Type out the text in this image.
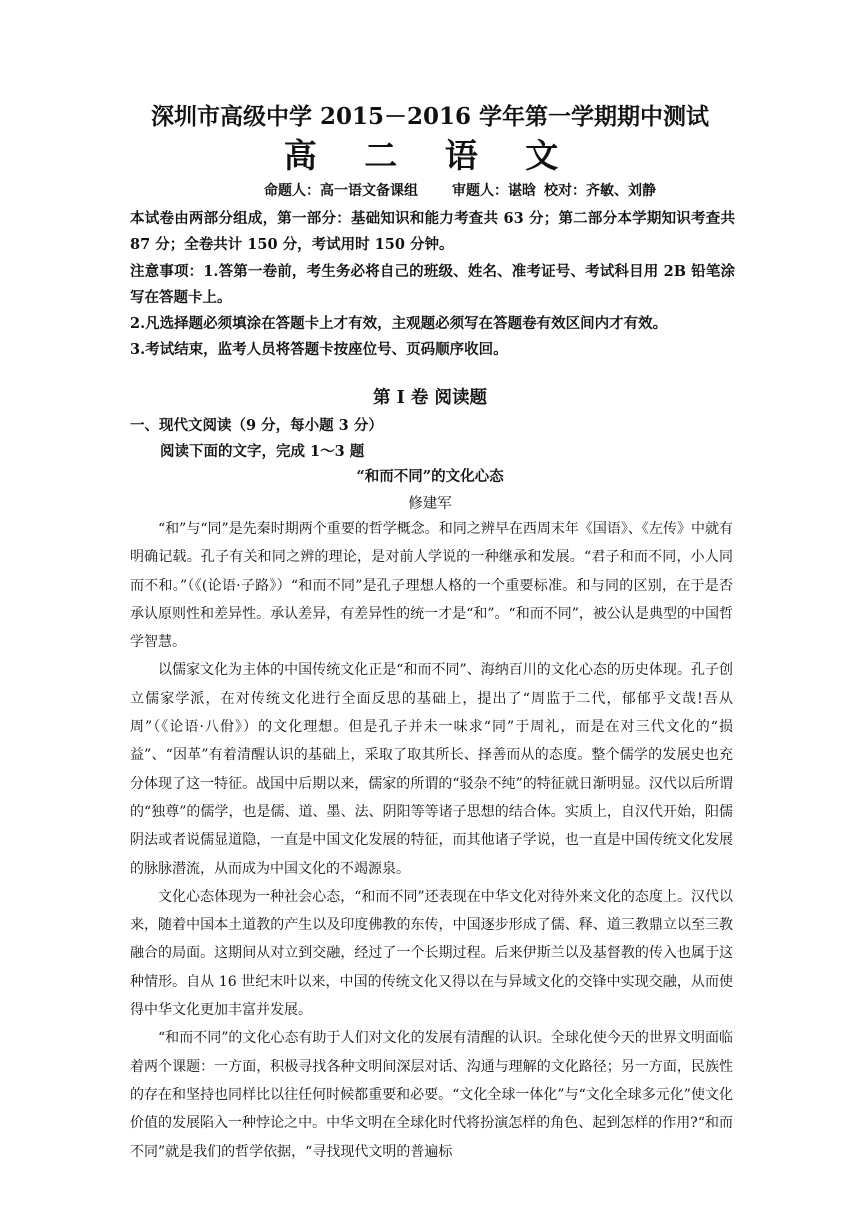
深圳市高级中学 2015－2016 学年第一学期期中测试
高 二 语 文
命题人：高一语文备课组 审题人：谌晗 校对：齐敏、刘静
本试卷由两部分组成，第一部分：基础知识和能力考查共 63 分；第二部分本学期知识考查共 87 分；全卷共计 150 分，考试用时 150 分钟。
注意事项：1.答第一卷前，考生务必将自己的班级、姓名、准考证号、考试科目用 2B 铅笔涂写在答题卡上。
2.凡选择题必须填涂在答题卡上才有效，主观题必须写在答题卷有效区间内才有效。
3.考试结束，监考人员将答题卡按座位号、页码顺序收回。
第 I 卷 阅读题
一、现代文阅读（9 分，每小题 3 分）
阅读下面的文字，完成 1～3 题
“和而不同”的文化心态
修建军

“和”与“同”是先秦时期两个重要的哲学概念。和同之辨早在西周末年《国语》、《左传》中就有明确记载。孔子有关和同之辨的理论，是对前人学说的一种继承和发展。“君子和而不同，小人同而不和。”（《(论语·子路》）“和而不同”是孔子理想人格的一个重要标准。和与同的区别，在于是否承认原则性和差异性。承认差异，有差异性的统一才是“和”。“和而不同”，被公认是典型的中国哲学智慧。

以儒家文化为主体的中国传统文化正是“和而不同”、海纳百川的文化心态的历史体现。孔子创立儒家学派，在对传统文化进行全面反思的基础上，提出了“周监于二代，郁郁乎文哉!吾从周”（《论语·八佾》）的文化理想。但是孔子并未一味求“同”于周礼，而是在对三代文化的“损益”、“因革”有着清醒认识的基础上，采取了取其所长、择善而从的态度。整个儒学的发展史也充分体现了这一特征。战国中后期以来，儒家的所谓的“驳杂不纯”的特征就日渐明显。汉代以后所谓的“独尊”的儒学，也是儒、道、墨、法、阴阳等等诸子思想的结合体。实质上，自汉代开始，阳儒阴法或者说儒显道隐，一直是中国文化发展的特征，而其他诸子学说，也一直是中国传统文化发展的脉脉潜流，从而成为中国文化的不竭源泉。

文化心态体现为一种社会心态，“和而不同”还表现在中华文化对待外来文化的态度上。汉代以来，随着中国本土道教的产生以及印度佛教的东传，中国逐步形成了儒、释、道三教鼎立以至三教融合的局面。这期间从对立到交融，经过了一个长期过程。后来伊斯兰以及基督教的传入也属于这种情形。自从 16 世纪末叶以来，中国的传统文化又得以在与异域文化的交锋中实现交融，从而使得中华文化更加丰富并发展。

“和而不同”的文化心态有助于人们对文化的发展有清醒的认识。全球化使今天的世界文明面临着两个课题：一方面，积极寻找各种文明间深层对话、沟通与理解的文化路径；另一方面，民族性的存在和坚持也同样比以往任何时候都重要和必要。“文化全球一体化”与“文化全球多元化”使文化价值的发展陷入一种悖论之中。中华文明在全球化时代将扮演怎样的角色、起到怎样的作用?“和而不同”就是我们的哲学依据，“寻找现代文明的普遍标
